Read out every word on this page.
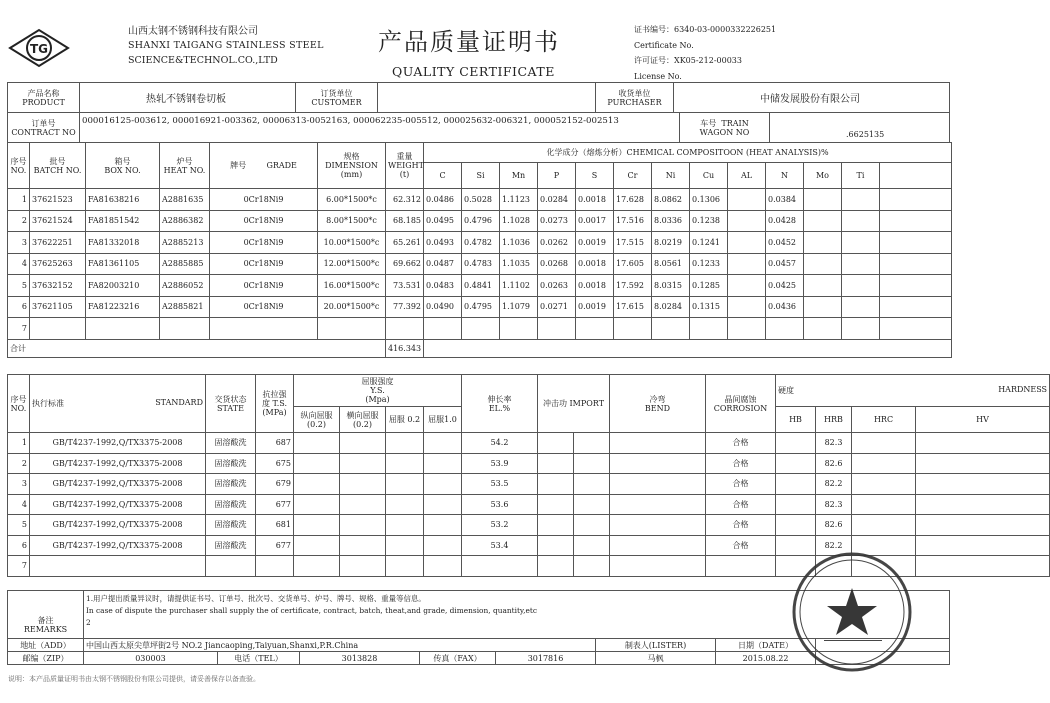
TG
山西太钢不锈钢科技有限公司
SHANXI TAIGANG STAINLESS STEEL
SCIENCE&TECHNOL.CO.,LTD
产品质量证明书
QUALITY CERTIFICATE
证书编号：6340-03-0000332226251
Certificate No.
许可证号：XK05-212-00033
License No.
产品名称
PRODUCT	热轧不锈钢卷切板	订货单位
CUSTOMER		收货单位
PURCHASER	中储发展股份有限公司
订单号
CONTRACT NO	000016125-003612, 000016921-003362, 00006313-0052163, 000062235-005512, 000025632-006321, 000052152-002513	车号 TRAIN
WAGON NO	.6625135
序号
NO.	批号
BATCH NO.	箱号
BOX NO.	炉号
HEAT NO.	牌号 GRADE	规格
DIMENSION
(mm)	重量
WEIGHT
(t)	化学成分（熔炼分析）CHEMICAL COMPOSITOON (HEAT ANALYSIS)%												
							C	Si	Mn	P	S	Cr	Ni	Cu	AL	N	Mo	Ti	
1	37621523	FA81638216	A2881635	0Cr18Ni9	6.00*1500*c	62.312	0.0486	0.5028	1.1123	0.0284	0.0018	17.628	8.0862	0.1306		0.0384			
2	37621524	FA81851542	A2886382	0Cr18Ni9	8.00*1500*c	68.185	0.0495	0.4796	1.1028	0.0273	0.0017	17.516	8.0336	0.1238		0.0428			
3	37622251	FA81332018	A2885213	0Cr18Ni9	10.00*1500*c	65.261	0.0493	0.4782	1.1036	0.0262	0.0019	17.515	8.0219	0.1241		0.0452			
4	37625263	FA81361105	A2885885	0Cr18Ni9	12.00*1500*c	69.662	0.0487	0.4783	1.1035	0.0268	0.0018	17.605	8.0561	0.1233		0.0457			
5	37632152	FA82003210	A2886052	0Cr18Ni9	16.00*1500*c	73.531	0.0483	0.4841	1.1102	0.0263	0.0018	17.592	8.0315	0.1285		0.0425			
6	37621105	FA81223216	A2885821	0Cr18Ni9	20.00*1500*c	77.392	0.0490	0.4795	1.1079	0.0271	0.0019	17.615	8.0284	0.1315		0.0436			
7																			
合计						416.343													
序号
NO.	执行标准 STANDARD	交货状态
STATE	抗拉强
度 T.S.
(MPa)	屈服强度
Y.S.
(Mpa)				伸长率
EL.%	冲击功 IMPORT		冷弯
BEND	晶间腐蚀
CORROSION	硬度 HARDNESS			

				纵向屈服
(0.2)	横向屈服
(0.2)	屈服 0.2	屈服1.0						HB	HRB	HRC	HV
1	GB/T4237-1992,Q/TX3375-2008	固溶酸洗	687					54.2				合格		82.3		
2	GB/T4237-1992,Q/TX3375-2008	固溶酸洗	675					53.9				合格		82.6		
3	GB/T4237-1992,Q/TX3375-2008	固溶酸洗	679					53.5				合格		82.2		
4	GB/T4237-1992,Q/TX3375-2008	固溶酸洗	677					53.6				合格		82.3		
5	GB/T4237-1992,Q/TX3375-2008	固溶酸洗	681					53.2				合格		82.6		
6	GB/T4237-1992,Q/TX3375-2008	固溶酸洗	677					53.4				合格		82.2		
7																
备注
REMARKS	
1.用户提出质量异议时，请提供证书号、订单号、批次号、交货单号、炉号、牌号、规格、重量等信息。
In case of dispute the purchaser shall supply the of certificate, contract, batch, theat,and grade, dimension, quantity,etc
2
地址（ADD）	中国山西太原尖草坪街2号 NO.2 Jiancaoping,Taiyuan,Shanxi,P.R.China					制表人(LISTER)	日期（DATE）	
邮编（ZIP）	030003	电话（TEL）	3013828	传真（FAX）	3017816	马枫	2015.08.22	
说明：本产品质量证明书由太钢不锈钢股份有限公司提供，请妥善保存以备查验。
